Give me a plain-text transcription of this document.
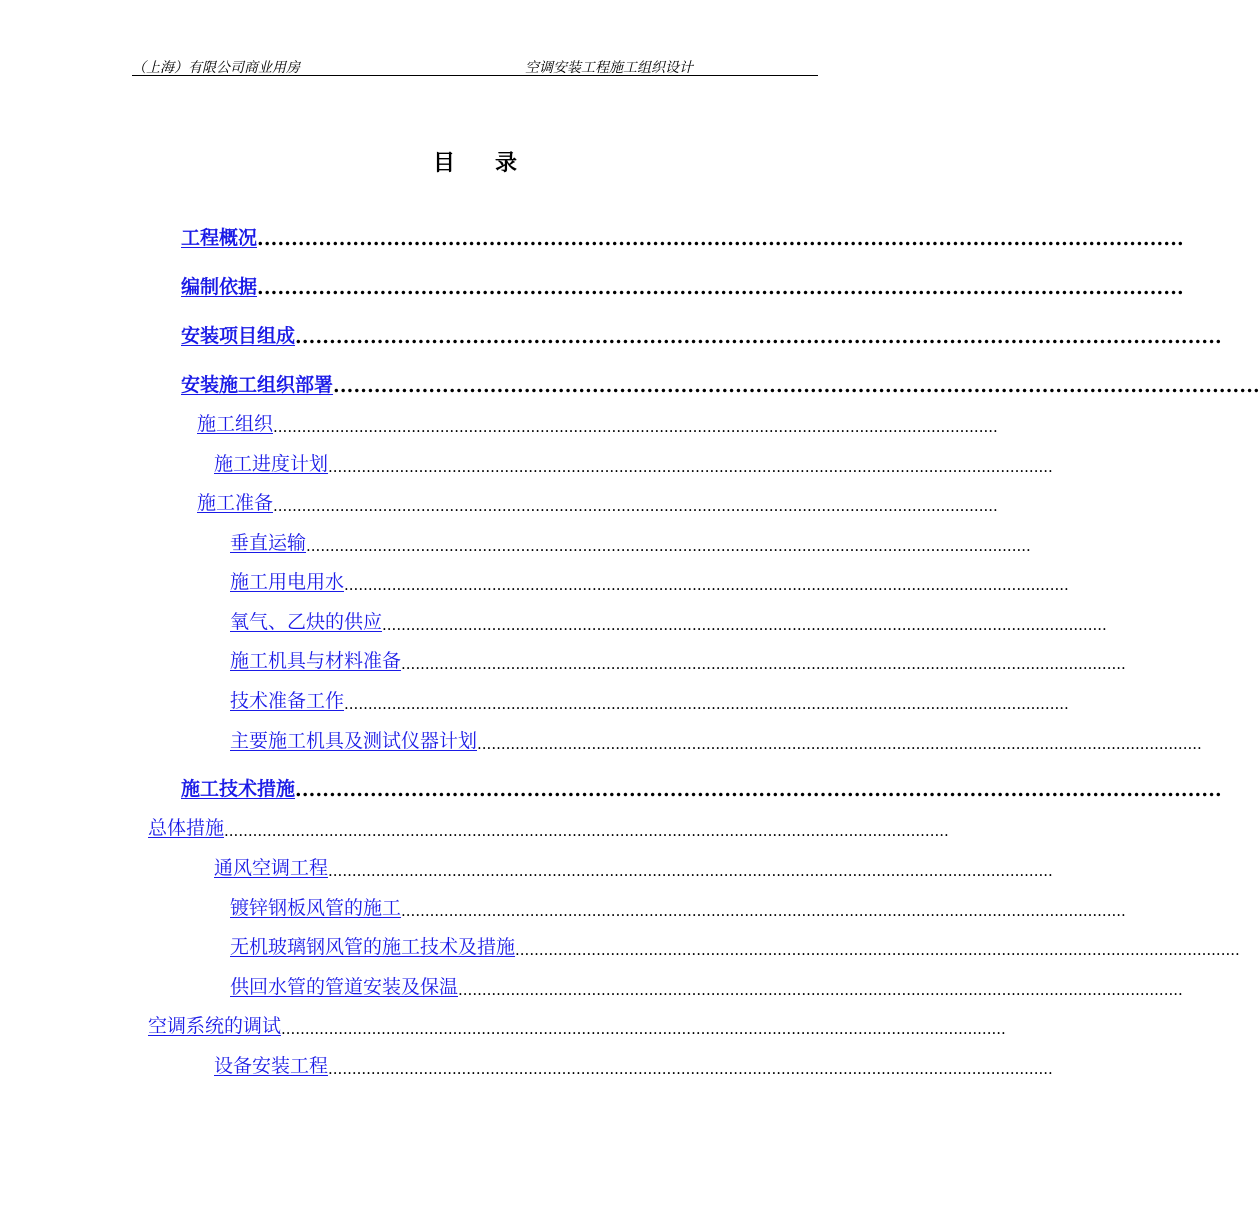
（上海）有限公司商业用房	空调安装工程施工组织设计
目录
工程概况 ........................................................................................................................................
编制依据 ........................................................................................................................................
安装项目组成 ........................................................................................................................................
安装施工组织部署 ........................................................................................................................................
施工组织 ........................................................................................................................................................
施工进度计划 ........................................................................................................................................................
施工准备 ........................................................................................................................................................
垂直运输 ........................................................................................................................................................
施工用电用水 ........................................................................................................................................................
氧气、乙炔的供应 ........................................................................................................................................................
施工机具与材料准备 ........................................................................................................................................................
技术准备工作 ........................................................................................................................................................
主要施工机具及测试仪器计划 ........................................................................................................................................................
施工技术措施 ........................................................................................................................................
总体措施 ........................................................................................................................................................
通风空调工程 ........................................................................................................................................................
镀锌钢板风管的施工 ........................................................................................................................................................
无机玻璃钢风管的施工技术及措施 ........................................................................................................................................................
供回水管的管道安装及保温 ........................................................................................................................................................
空调系统的调试 ........................................................................................................................................................
设备安装工程 ........................................................................................................................................................
